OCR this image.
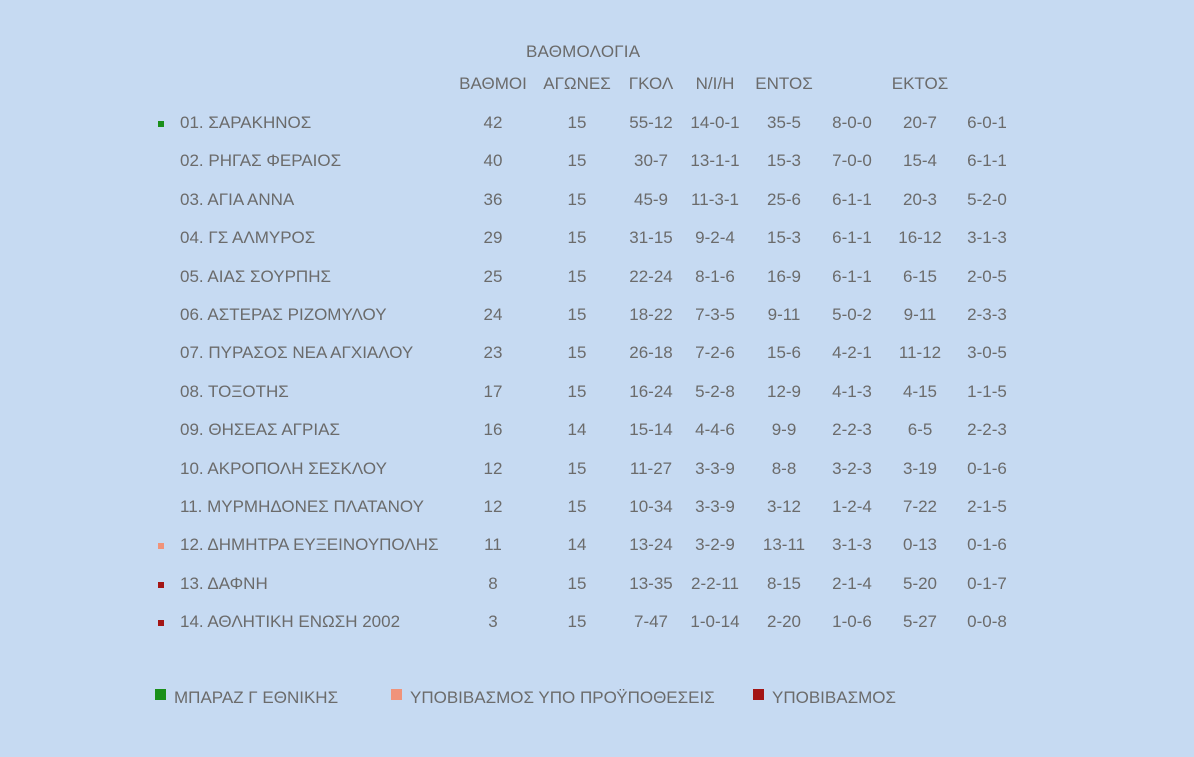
ΒΑΘΜΟΛΟΓΙΑ
ΒΑΘΜΟΙ ΑΓΩΝΕΣ ΓΚΟΛ Ν/Ι/Η ΕΝΤΟΣ	ΕΚΤΟΣ
01. ΣΑΡΑΚΗΝΟΣ	42	15	55-12 14-0-1 35-5 8-0-0 20-7 6-0-1
02. ΡΗΓΑΣ ΦΕΡΑΙΟΣ	40	15	30-7 13-1-1 15-3 7-0-0 15-4 6-1-1
03. ΑΓΙΑ ΑΝΝΑ	36	15	45-9 11-3-1 25-6 6-1-1 20-3 5-2-0
04. ΓΣ ΑΛΜΥΡΟΣ	29	15	31-15 9-2-4 15-3 6-1-1 16-12 3-1-3
05. ΑΙΑΣ ΣΟΥΡΠΗΣ	25	15	22-24 8-1-6 16-9 6-1-1 6-15 2-0-5
06. ΑΣΤΕΡΑΣ ΡΙΖΟΜΥΛΟΥ	24	15	18-22 7-3-5 9-11 5-0-2 9-11 2-3-3
07. ΠΥΡΑΣΟΣ ΝΕΑ ΑΓΧΙΑΛΟΥ	23	15	26-18 7-2-6 15-6 4-2-1 11-12 3-0-5
08. ΤΟΞΟΤΗΣ	17	15	16-24 5-2-8 12-9 4-1-3 4-15 1-1-5
09. ΘΗΣΕΑΣ ΑΓΡΙΑΣ	16	14	15-14 4-4-6 9-9 2-2-3 6-5 2-2-3
10. ΑΚΡΟΠΟΛΗ ΣΕΣΚΛΟΥ	12	15	11-27 3-3-9 8-8 3-2-3 3-19 0-1-6
11. ΜΥΡΜΗΔΟΝΕΣ ΠΛΑΤΑΝΟΥ	12	15	10-34 3-3-9 3-12 1-2-4 7-22 2-1-5
12. ΔΗΜΗΤΡΑ ΕΥΞΕΙΝΟΥΠΟΛΗΣ	11	14	13-24 3-2-9 13-11 3-1-3 0-13 0-1-6
13. ΔΑΦΝΗ	8	15	13-35 2-2-11 8-15 2-1-4 5-20 0-1-7
14. ΑΘΛΗΤΙΚΗ ΕΝΩΣΗ 2002	3	15	7-47 1-0-14 2-20 1-0-6 5-27 0-0-8
ΜΠΑΡΑΖ Γ ΕΘΝΙΚΗΣ	ΥΠΟΒΙΒΑΣΜΟΣ ΥΠΟ ΠΡΟΫΠΟΘΕΣΕΙΣ	ΥΠΟΒΙΒΑΣΜΟΣ
